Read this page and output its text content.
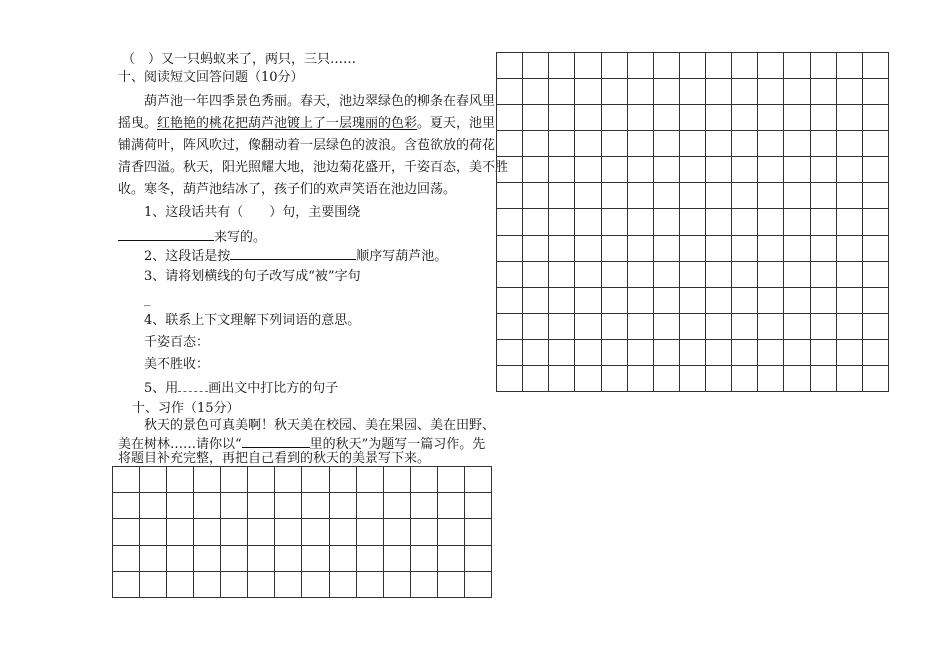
（　）又一只蚂蚁来了，两只，三只……
十、阅读短文回答问题（10分）
葫芦池一年四季景色秀丽。春天，池边翠绿色的柳条在春风里
摇曳。红艳艳的桃花把葫芦池镀上了一层瑰丽的色彩。夏天，池里
铺满荷叶，阵风吹过，像翻动着一层绿色的波浪。含苞欲放的荷花
清香四溢。秋天，阳光照耀大地，池边菊花盛开，千姿百态，美不胜
收。寒冬，葫芦池结冰了，孩子们的欢声笑语在池边回荡。
1、这段话共有（　　）句，主要围绕
来写的。
2、这段话是按	顺序写葫芦池。
3、请将划横线的句子改写成“被”字句
_
4、联系上下文理解下列词语的意思。
千姿百态：
美不胜收：
5、用 画出文中打比方的句子
十、习作（15分）
秋天的景色可真美啊！秋天美在校园、美在果园、美在田野、
美在树林……请你以“	里的秋天”为题写一篇习作。先
将题目补充完整，再把自己看到的秋天的美景写下来。
